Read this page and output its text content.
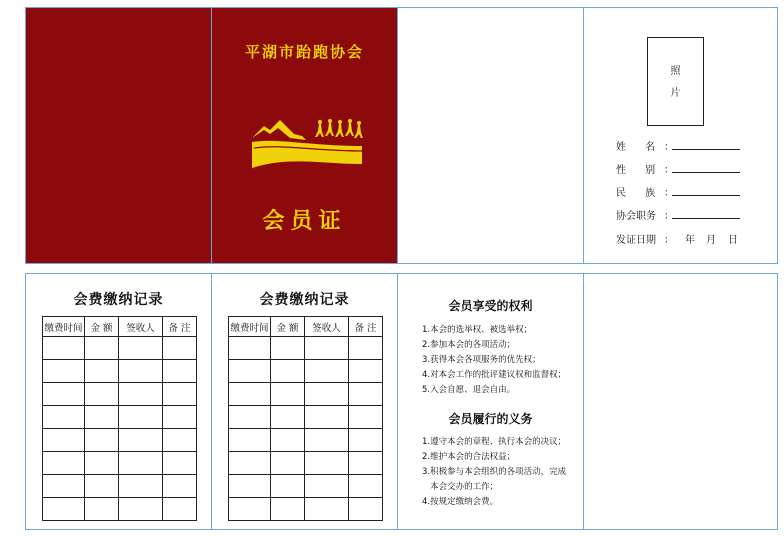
平湖市跆跑协会
会员证
照
片
姓      名 ：
性      别 ：
民      族 ：
协会职务 ：
发证日期 ： 年 月 日
会费缴纳记录
缴费时间	金 额	签收人	备 注

会费缴纳记录
缴费时间	金 额	签收人	备 注

会员享受的权利
1.本会的选举权、被选举权；
2.参加本会的各项活动；
3.获得本会各项服务的优先权；
4.对本会工作的批评建议权和监督权；
5.入会自愿、退会自由。
会员履行的义务
1.遵守本会的章程、执行本会的决议；
2.维护本会的合法权益；
3.积极参与本会组织的各项活动，完成
本会交办的工作；
4.按规定缴纳会费。
